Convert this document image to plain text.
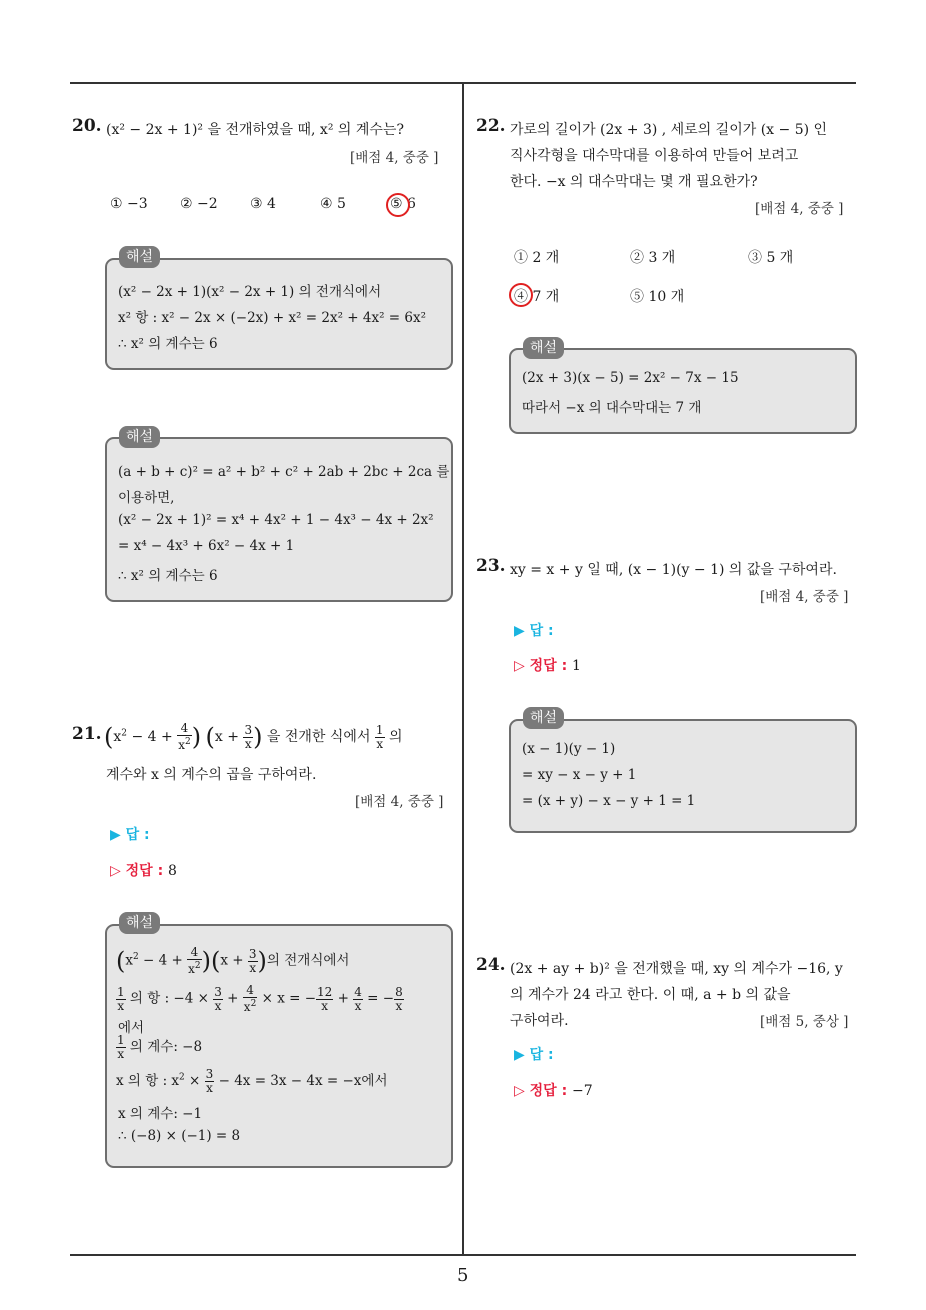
5
20. (x² − 2x + 1)² 을 전개하였을 때, x² 의 계수는?
[배점 4, 중중 ]
① −3 ② −2 ③ 4	④ 5	⑤ 6
해설
(x² − 2x + 1)(x² − 2x + 1) 의 전개식에서
x² 항 : x² − 2x × (−2x) + x² = 2x² + 4x² = 6x²
∴ x² 의 계수는 6
해설
(a + b + c)² = a² + b² + c² + 2ab + 2bc + 2ca 를
이용하면,
(x² − 2x + 1)² = x⁴ + 4x² + 1 − 4x³ − 4x + 2x²
= x⁴ − 4x³ + 6x² − 4x + 1
∴ x² 의 계수는 6
21. ($x^2 - 4 + \frac{4}{x^2}$ ) ($x + \frac{3}{x}$ ) 을 전개한 식에서 $\frac{1}{x}$ 의
계수와 x 의 계수의 곱을 구하여라.
[배점 4, 중중 ]
▶ 답 :
▷ 정답 : 8
해설
$(x^2 - 4 + \frac{4}{x^2} )(x + \frac{3}{x}$ )의 전개식에서
$\frac{1}{x}$ 의 항 : $-4 \times \frac{3}{x} + \frac{4}{x^2} \times x$ = − $\frac{12}{x} + \frac{4}{x}$ = − $\frac{8}{x}$
에서
$\frac{1}{x}$ 의 계수: −8
x 의 항 : $x^2 \times \frac{3}{x} - 4x = 3x - 4x = -x$에서
x 의 계수: −1
∴ (−8) × (−1) = 8
22. 가로의 길이가 (2x + 3) , 세로의 길이가 (x − 5) 인
직사각형을 대수막대를 이용하여 만들어 보려고
한다. −x 의 대수막대는 몇 개 필요한가?
[배점 4, 중중 ]
① 2 개	② 3 개	③ 5 개
④ 7 개	⑤ 10 개
해설
(2x + 3)(x − 5) = 2x² − 7x − 15
따라서 −x 의 대수막대는 7 개
23. xy = x + y 일 때, (x − 1)(y − 1) 의 값을 구하여라.
[배점 4, 중중 ]
▶ 답 :
▷ 정답 : 1
해설
(x − 1)(y − 1)
= xy − x − y + 1
= (x + y) − x − y + 1 = 1
24. (2x + ay + b)² 을 전개했을 때, xy 의 계수가 −16, y
의 계수가 24 라고 한다. 이 때, a + b 의 값을
구하여라.	[배점 5, 중상 ]
▶ 답 :
▷ 정답 : −7
